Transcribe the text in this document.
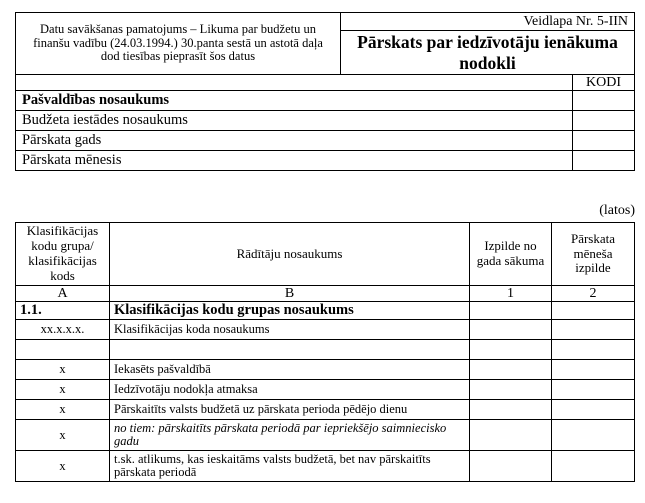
Datu savākšanas pamatojums – Likuma par budžetu un finanšu vadību (24.03.1994.) 30.panta sestā un astotā daļa dod tiesības pieprasīt šos datus	Veidlapa Nr. 5-IIN	
	Pārskats par iedzīvotāju ienākuma nodokli	

		KODI
Pašvaldības nosaukums		
Budžeta iestādes nosaukums		
Pārskata gads		
Pārskata mēnesis		
(latos)
Klasifikācijas kodu grupa/ klasifikācijas kods	Rādītāju nosaukums	Izpilde no gada sākuma	Pārskata mēneša izpilde
A	B	1	2
1.1.	Klasifikācijas kodu grupas nosaukums		
xx.x.x.x.	Klasifikācijas koda nosaukums		

x	Iekasēts pašvaldībā		
x	Iedzīvotāju nodokļa atmaksa		
x	Pārskaitīts valsts budžetā uz pārskata perioda pēdējo dienu		
x	no tiem: pārskaitīts pārskata periodā par iepriekšējo saimniecisko gadu		
x	t.sk. atlikums, kas ieskaitāms valsts budžetā, bet nav pārskaitīts pārskata periodā		
